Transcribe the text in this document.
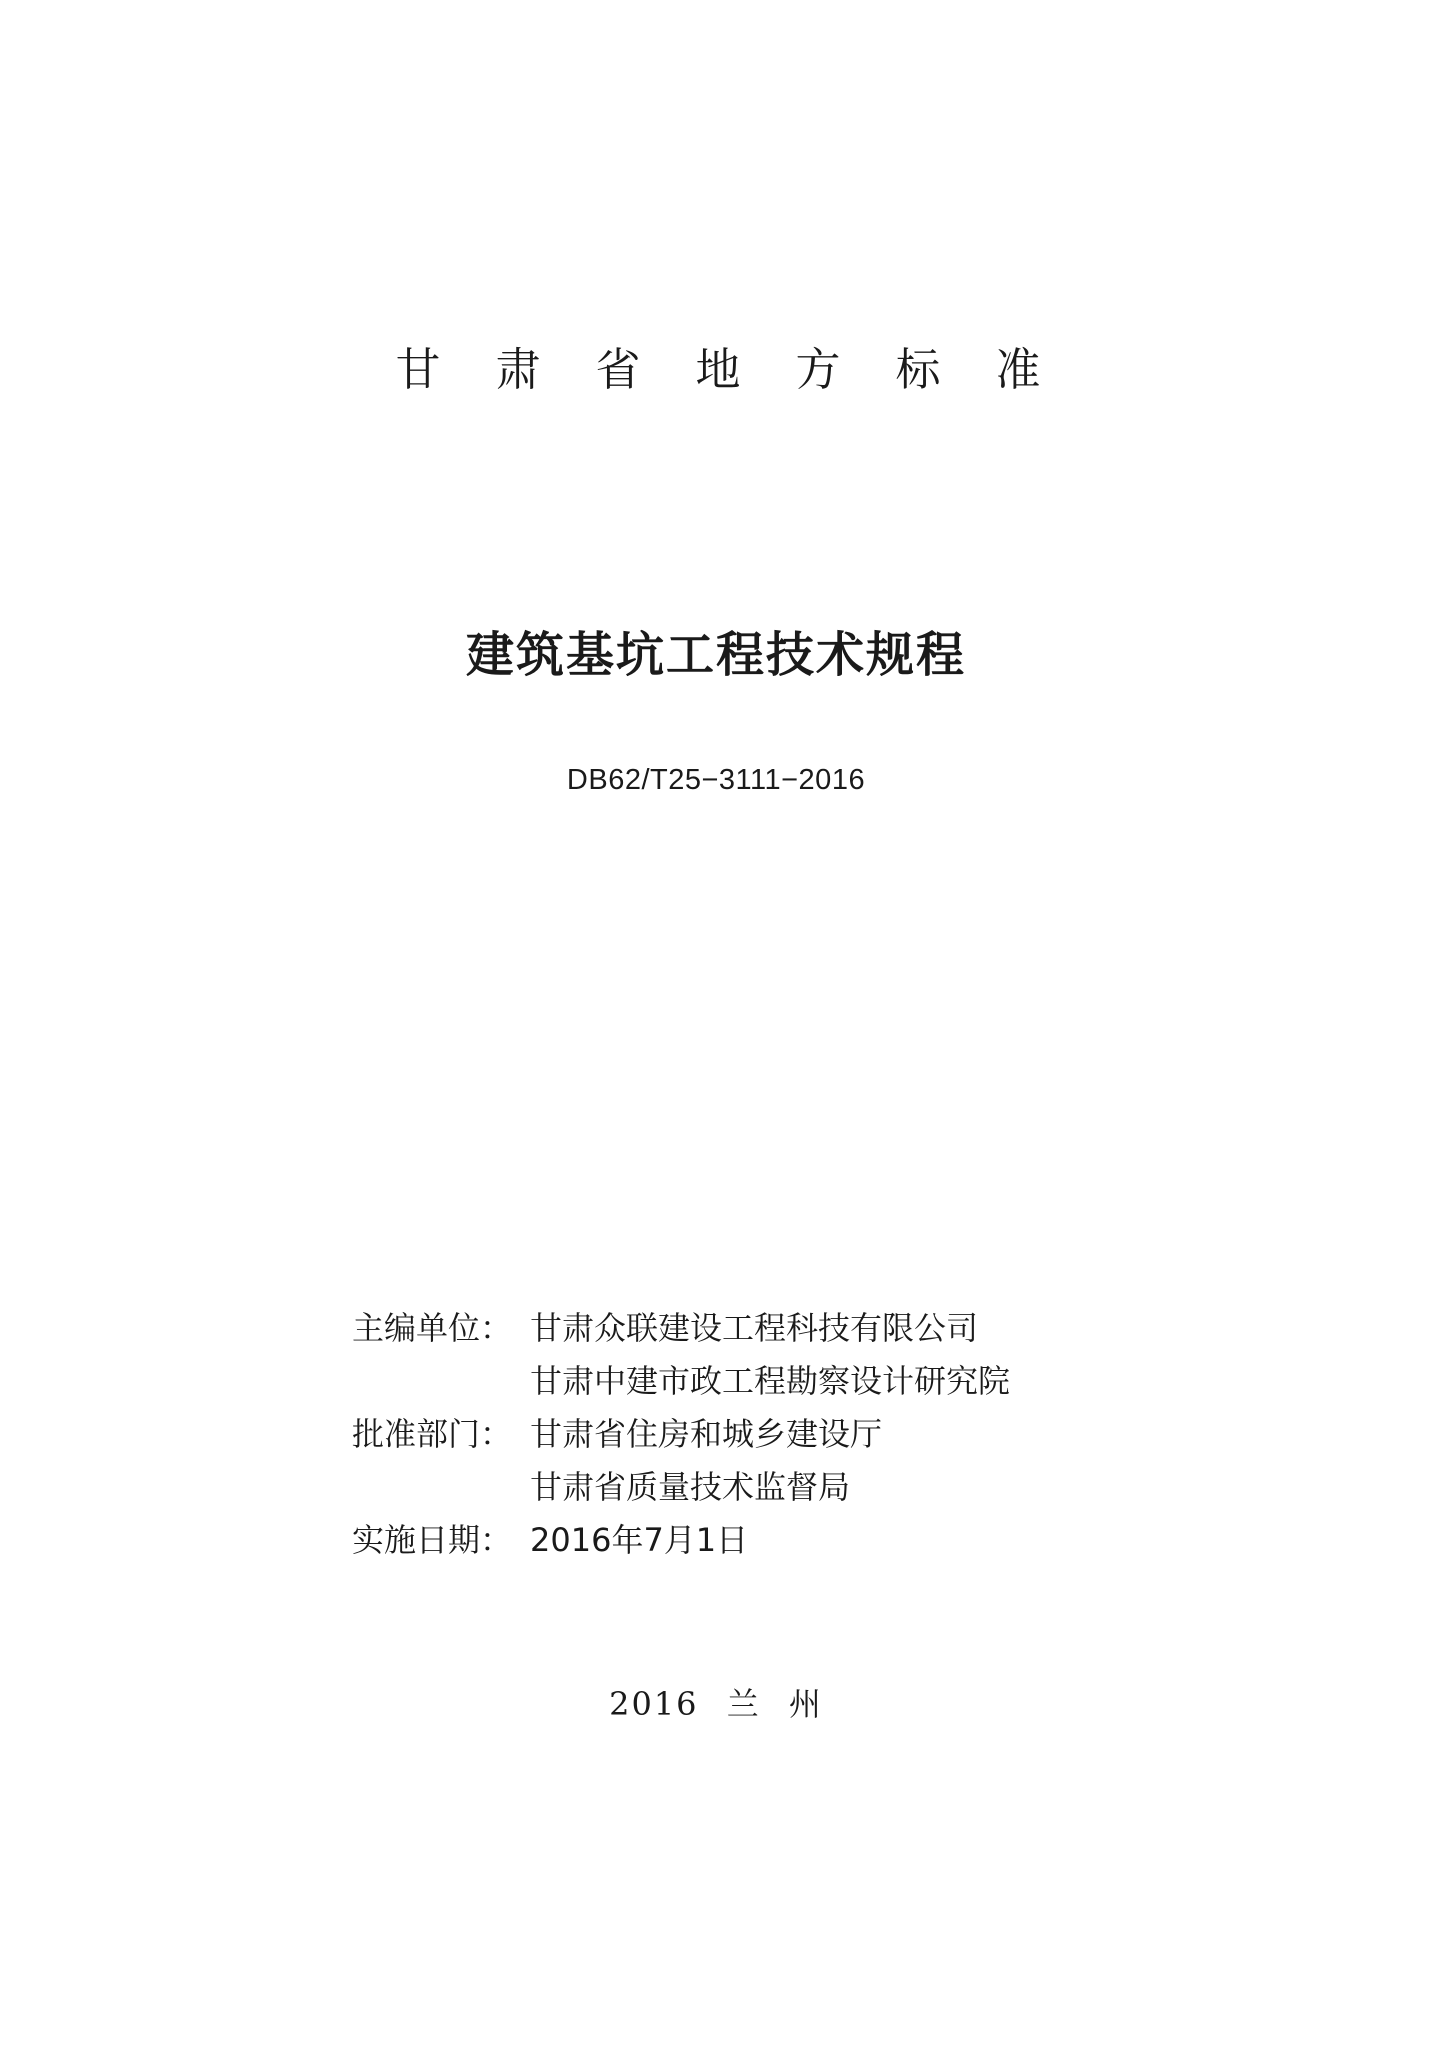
甘 肃 省 地 方 标 准
建筑基坑工程技术规程
DB62/T25−3111−2016
主编单位： 甘肃众联建设工程科技有限公司
甘肃中建市政工程勘察设计研究院
批准部门： 甘肃省住房和城乡建设厅
甘肃省质量技术监督局
实施日期： 2016年7月1日
2016 兰 州
